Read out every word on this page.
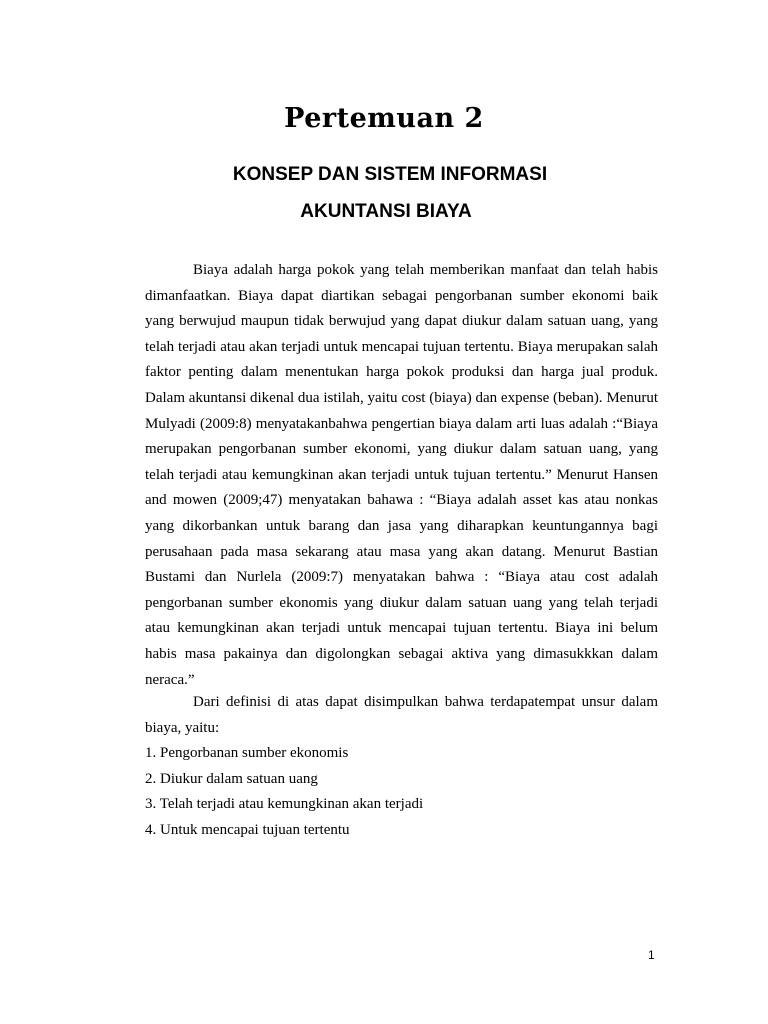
Pertemuan 2
KONSEP DAN SISTEM INFORMASI
AKUNTANSI BIAYA

Biaya adalah harga pokok yang telah memberikan manfaat dan telah habis dimanfaatkan. Biaya dapat diartikan sebagai pengorbanan sumber ekonomi baik yang berwujud maupun tidak berwujud yang dapat diukur dalam satuan uang, yang telah terjadi atau akan terjadi untuk mencapai tujuan tertentu. Biaya merupakan salah faktor penting dalam menentukan harga pokok produksi dan harga jual produk. Dalam akuntansi dikenal dua istilah, yaitu cost (biaya) dan expense (beban). Menurut Mulyadi (2009:8) menyatakanbahwa pengertian biaya dalam arti luas adalah :“Biaya merupakan pengorbanan sumber ekonomi, yang diukur dalam satuan uang, yang telah terjadi atau kemungkinan akan terjadi untuk tujuan tertentu.” Menurut Hansen and mowen (2009;47) menyatakan bahawa : “Biaya adalah asset kas atau nonkas yang dikorbankan untuk barang dan jasa yang diharapkan keuntungannya bagi perusahaan pada masa sekarang atau masa yang akan datang. Menurut Bastian Bustami dan Nurlela (2009:7) menyatakan bahwa : “Biaya atau cost adalah pengorbanan sumber ekonomis yang diukur dalam satuan uang yang telah terjadi atau kemungkinan akan terjadi untuk mencapai tujuan tertentu. Biaya ini belum habis masa pakainya dan digolongkan sebagai aktiva yang dimasukkkan dalam neraca.”

Dari definisi di atas dapat disimpulkan bahwa terdapatempat unsur dalam biaya, yaitu:

1. Pengorbanan sumber ekonomis
2. Diukur dalam satuan uang
3. Telah terjadi atau kemungkinan akan terjadi
4. Untuk mencapai tujuan tertentu
1
